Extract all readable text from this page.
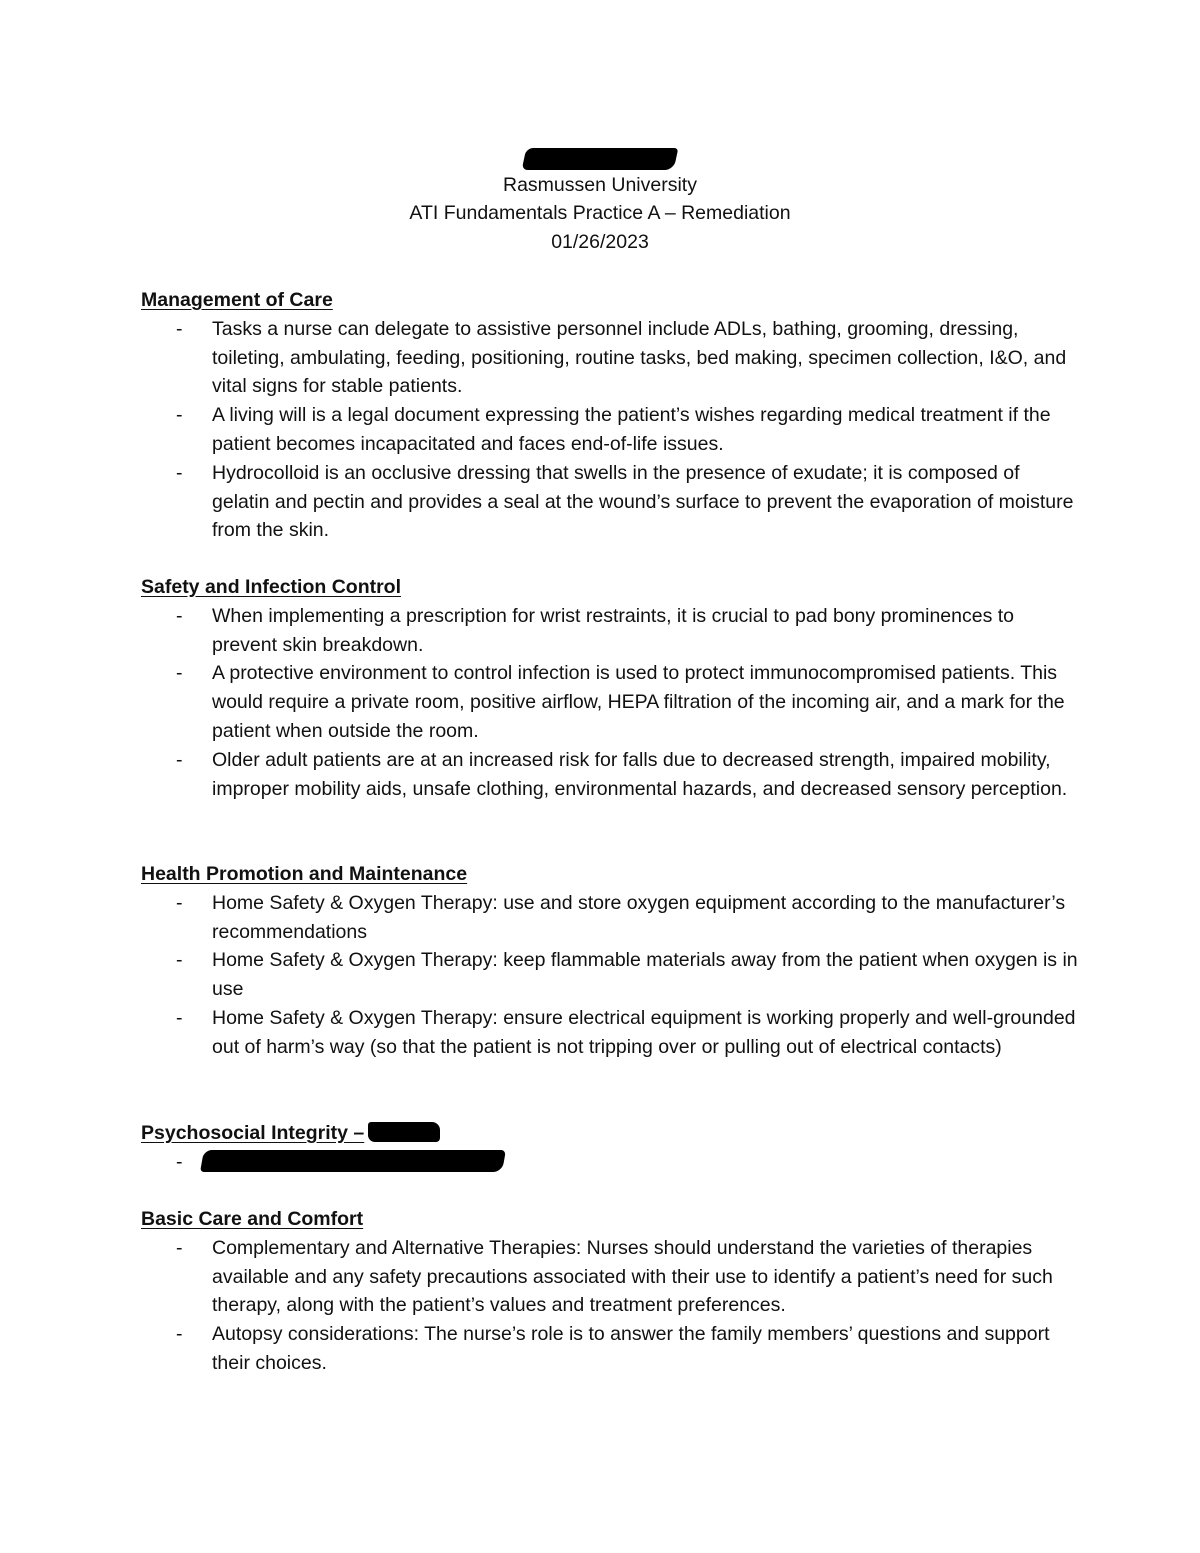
Rasmussen University
ATI Fundamentals Practice A – Remediation
01/26/2023
Management of Care
- Tasks a nurse can delegate to assistive personnel include ADLs, bathing, grooming, dressing, toileting, ambulating, feeding, positioning, routine tasks, bed making, specimen collection, I&O, and vital signs for stable patients.
- A living will is a legal document expressing the patient’s wishes regarding medical treatment if the patient becomes incapacitated and faces end-of-life issues.
- Hydrocolloid is an occlusive dressing that swells in the presence of exudate; it is composed of gelatin and pectin and provides a seal at the wound’s surface to prevent the evaporation of moisture from the skin.
Safety and Infection Control
- When implementing a prescription for wrist restraints, it is crucial to pad bony prominences to prevent skin breakdown.
- A protective environment to control infection is used to protect immunocompromised patients. This would require a private room, positive airflow, HEPA filtration of the incoming air, and a mark for the patient when outside the room.
- Older adult patients are at an increased risk for falls due to decreased strength, impaired mobility, improper mobility aids, unsafe clothing, environmental hazards, and decreased sensory perception.
Health Promotion and Maintenance
- Home Safety & Oxygen Therapy: use and store oxygen equipment according to the manufacturer’s recommendations
- Home Safety & Oxygen Therapy: keep flammable materials away from the patient when oxygen is in use
- Home Safety & Oxygen Therapy: ensure electrical equipment is working properly and well-grounded out of harm’s way (so that the patient is not tripping over or pulling out of electrical contacts)
Psychosocial Integrity –
-
Basic Care and Comfort
- Complementary and Alternative Therapies: Nurses should understand the varieties of therapies available and any safety precautions associated with their use to identify a patient’s need for such therapy, along with the patient’s values and treatment preferences.
- Autopsy considerations: The nurse’s role is to answer the family members’ questions and support their choices.
